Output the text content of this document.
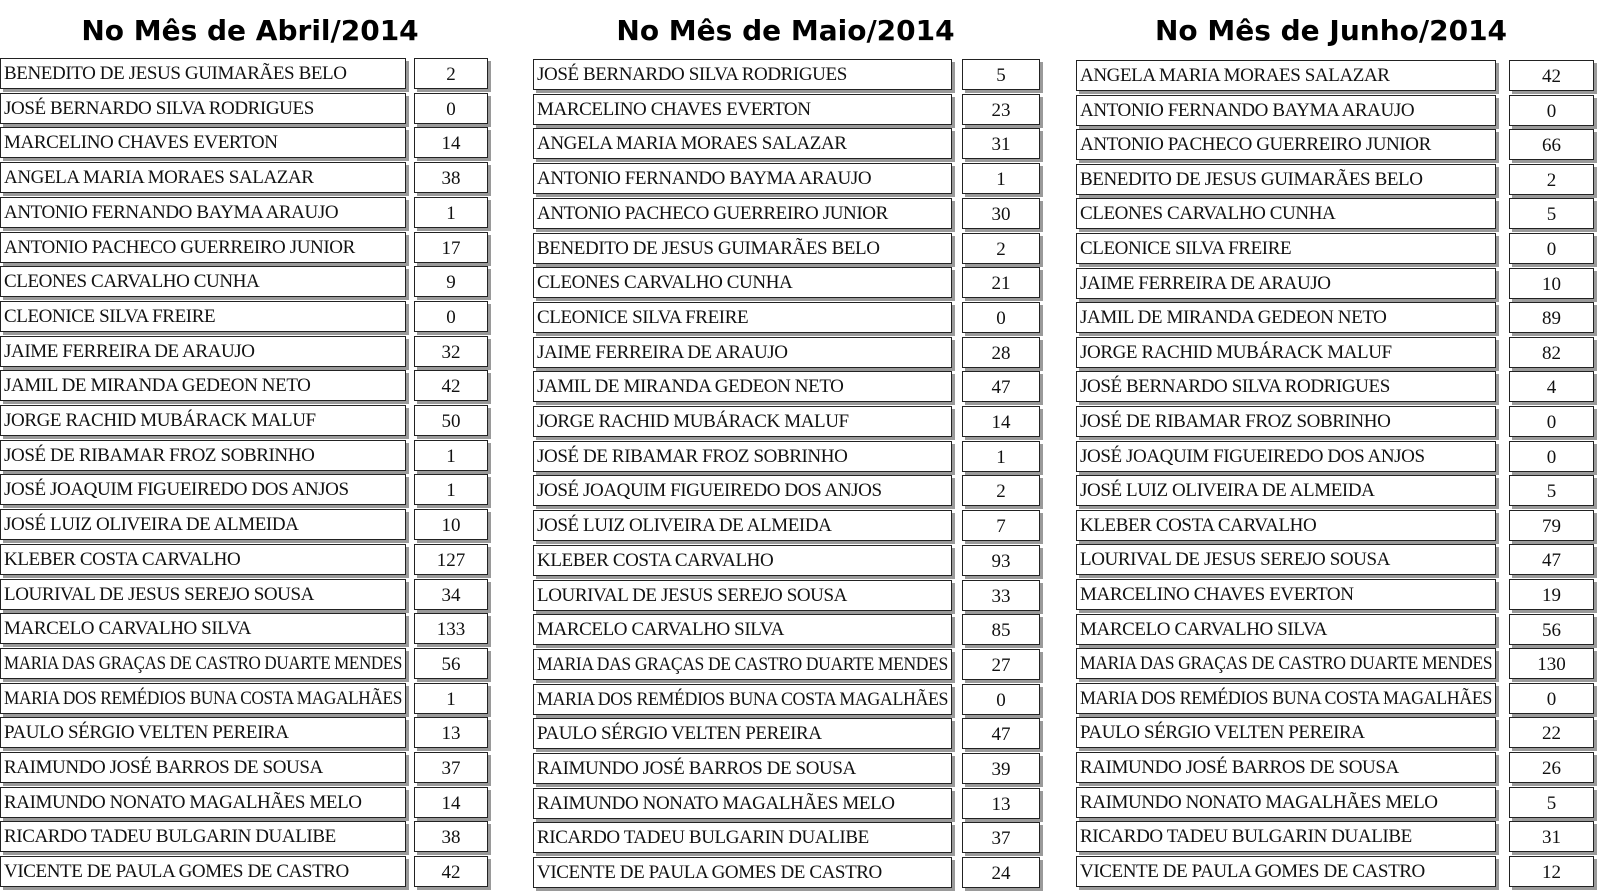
No Mês de Abril/2014
BENEDITO DE JESUS GUIMARÃES BELO	2
JOSÉ BERNARDO SILVA RODRIGUES	0
MARCELINO CHAVES EVERTON	14
ANGELA MARIA MORAES SALAZAR	38
ANTONIO FERNANDO BAYMA ARAUJO	1
ANTONIO PACHECO GUERREIRO JUNIOR	17
CLEONES CARVALHO CUNHA	9
CLEONICE SILVA FREIRE	0
JAIME FERREIRA DE ARAUJO	32
JAMIL DE MIRANDA GEDEON NETO	42
JORGE RACHID MUBÁRACK MALUF	50
JOSÉ DE RIBAMAR FROZ SOBRINHO	1
JOSÉ JOAQUIM FIGUEIREDO DOS ANJOS	1
JOSÉ LUIZ OLIVEIRA DE ALMEIDA	10
KLEBER COSTA CARVALHO	127
LOURIVAL DE JESUS SEREJO SOUSA	34
MARCELO CARVALHO SILVA	133
MARIA DAS GRAÇAS DE CASTRO DUARTE MENDES	56
MARIA DOS REMÉDIOS BUNA COSTA MAGALHÃES	1
PAULO SÉRGIO VELTEN PEREIRA	13
RAIMUNDO JOSÉ BARROS DE SOUSA	37
RAIMUNDO NONATO MAGALHÃES MELO	14
RICARDO TADEU BULGARIN DUALIBE	38
VICENTE DE PAULA GOMES DE CASTRO	42
No Mês de Maio/2014
JOSÉ BERNARDO SILVA RODRIGUES	5
MARCELINO CHAVES EVERTON	23
ANGELA MARIA MORAES SALAZAR	31
ANTONIO FERNANDO BAYMA ARAUJO	1
ANTONIO PACHECO GUERREIRO JUNIOR	30
BENEDITO DE JESUS GUIMARÃES BELO	2
CLEONES CARVALHO CUNHA	21
CLEONICE SILVA FREIRE	0
JAIME FERREIRA DE ARAUJO	28
JAMIL DE MIRANDA GEDEON NETO	47
JORGE RACHID MUBÁRACK MALUF	14
JOSÉ DE RIBAMAR FROZ SOBRINHO	1
JOSÉ JOAQUIM FIGUEIREDO DOS ANJOS	2
JOSÉ LUIZ OLIVEIRA DE ALMEIDA	7
KLEBER COSTA CARVALHO	93
LOURIVAL DE JESUS SEREJO SOUSA	33
MARCELO CARVALHO SILVA	85
MARIA DAS GRAÇAS DE CASTRO DUARTE MENDES	27
MARIA DOS REMÉDIOS BUNA COSTA MAGALHÃES	0
PAULO SÉRGIO VELTEN PEREIRA	47
RAIMUNDO JOSÉ BARROS DE SOUSA	39
RAIMUNDO NONATO MAGALHÃES MELO	13
RICARDO TADEU BULGARIN DUALIBE	37
VICENTE DE PAULA GOMES DE CASTRO	24
No Mês de Junho/2014
ANGELA MARIA MORAES SALAZAR	42
ANTONIO FERNANDO BAYMA ARAUJO	0
ANTONIO PACHECO GUERREIRO JUNIOR	66
BENEDITO DE JESUS GUIMARÃES BELO	2
CLEONES CARVALHO CUNHA	5
CLEONICE SILVA FREIRE	0
JAIME FERREIRA DE ARAUJO	10
JAMIL DE MIRANDA GEDEON NETO	89
JORGE RACHID MUBÁRACK MALUF	82
JOSÉ BERNARDO SILVA RODRIGUES	4
JOSÉ DE RIBAMAR FROZ SOBRINHO	0
JOSÉ JOAQUIM FIGUEIREDO DOS ANJOS	0
JOSÉ LUIZ OLIVEIRA DE ALMEIDA	5
KLEBER COSTA CARVALHO	79
LOURIVAL DE JESUS SEREJO SOUSA	47
MARCELINO CHAVES EVERTON	19
MARCELO CARVALHO SILVA	56
MARIA DAS GRAÇAS DE CASTRO DUARTE MENDES	130
MARIA DOS REMÉDIOS BUNA COSTA MAGALHÃES	0
PAULO SÉRGIO VELTEN PEREIRA	22
RAIMUNDO JOSÉ BARROS DE SOUSA	26
RAIMUNDO NONATO MAGALHÃES MELO	5
RICARDO TADEU BULGARIN DUALIBE	31
VICENTE DE PAULA GOMES DE CASTRO	12
